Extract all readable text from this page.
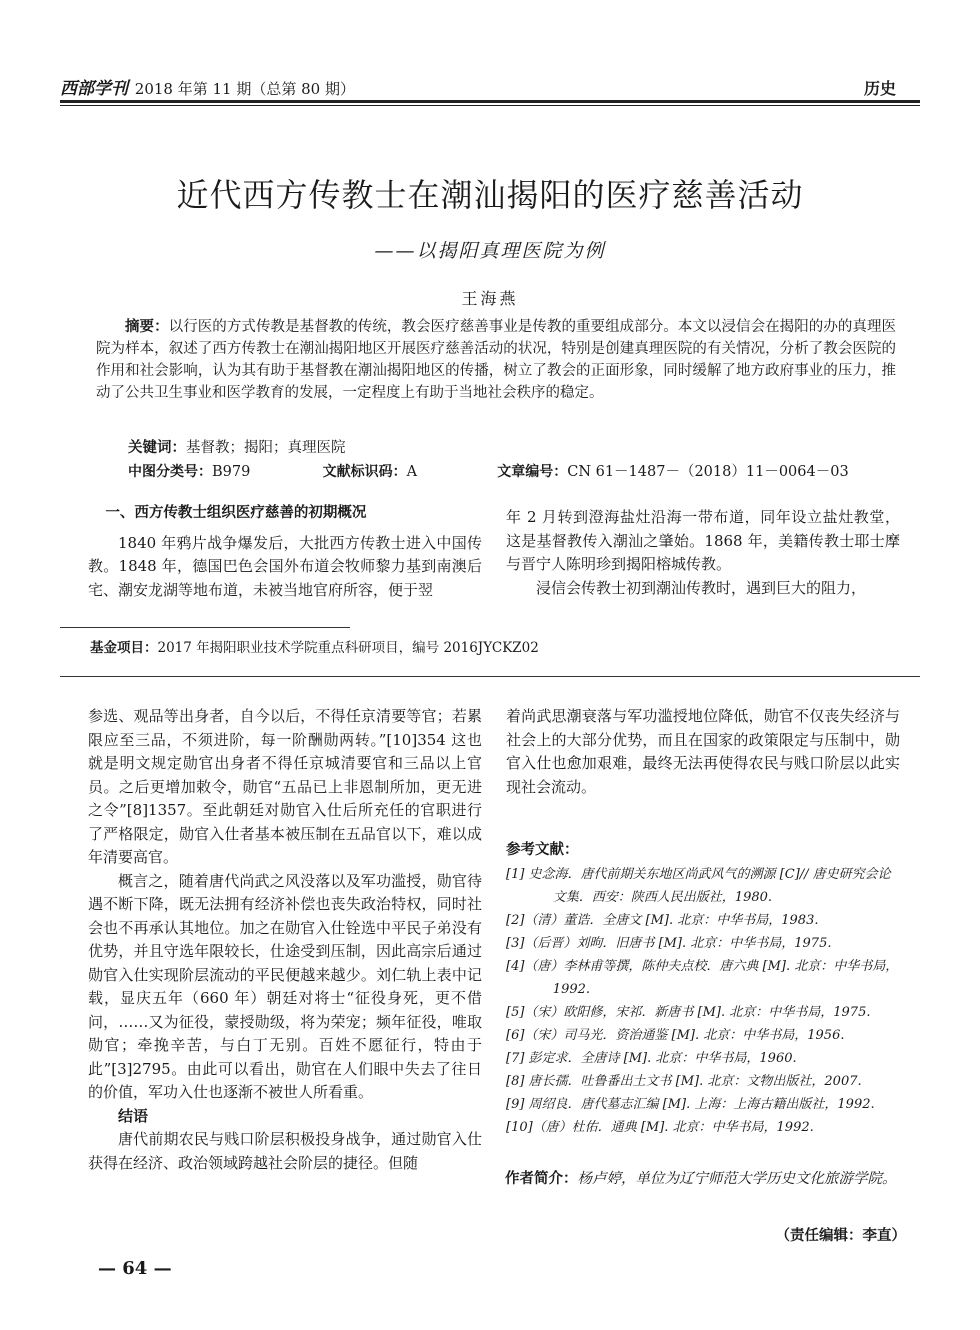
西部学刊 2018 年第 11 期（总第 80 期）	历史
近代西方传教士在潮汕揭阳的医疗慈善活动
——以揭阳真理医院为例
王海燕
摘要：以行医的方式传教是基督教的传统，教会医疗慈善事业是传教的重要组成部分。本文以浸信会在揭阳的办的真理医院为样本，叙述了西方传教士在潮汕揭阳地区开展医疗慈善活动的状况，特别是创建真理医院的有关情况，分析了教会医院的作用和社会影响，认为其有助于基督教在潮汕揭阳地区的传播，树立了教会的正面形象，同时缓解了地方政府事业的压力，推动了公共卫生事业和医学教育的发展，一定程度上有助于当地社会秩序的稳定。
关键词：基督教；揭阳；真理医院
中图分类号：B979	文献标识码：A	文章编号：CN 61－1487－（2018）11－0064－03
一、西方传教士组织医疗慈善的初期概况

1840 年鸦片战争爆发后，大批西方传教士进入中国传教。1848 年，德国巴色会国外布道会牧师黎力基到南澳后宅、潮安龙湖等地布道，未被当地官府所容，便于翌

年 2 月转到澄海盐灶沿海一带布道，同年设立盐灶教堂，这是基督教传入潮汕之肇始。1868 年，美籍传教士耶士摩与晋宁人陈明珍到揭阳榕城传教。

浸信会传教士初到潮汕传教时，遇到巨大的阻力，

基金项目：2017 年揭阳职业技术学院重点科研项目，编号 2016JYCKZ02

参选、观品等出身者，自今以后，不得任京清要等官；若累限应至三品，不须进阶，每一阶酬勋两转。”[10]354 这也就是明文规定勋官出身者不得任京城清要官和三品以上官员。之后更增加敕令，勋官“五品已上非恩制所加，更无进之令”[8]1357。至此朝廷对勋官入仕后所充任的官职进行了严格限定，勋官入仕者基本被压制在五品官以下，难以成年清要高官。

概言之，随着唐代尚武之风没落以及军功滥授，勋官待遇不断下降，既无法拥有经济补偿也丧失政治特权，同时社会也不再承认其地位。加之在勋官入仕铨选中平民子弟没有优势，并且守选年限较长，仕途受到压制，因此高宗后通过勋官入仕实现阶层流动的平民便越来越少。刘仁轨上表中记载，显庆五年（660 年）朝廷对将士“征役身死，更不借问，……又为征役，蒙授勋级，将为荣宠；频年征役，唯取勋官；牵挽辛苦，与白丁无别。百姓不愿征行，特由于此”[3]2795。由此可以看出，勋官在人们眼中失去了往日的价值，军功入仕也逐渐不被世人所看重。

结语

唐代前期农民与贱口阶层积极投身战争，通过勋官入仕获得在经济、政治领域跨越社会阶层的捷径。但随

着尚武思潮衰落与军功滥授地位降低，勋官不仅丧失经济与社会上的大部分优势，而且在国家的政策限定与压制中，勋官入仕也愈加艰难，最终无法再使得农民与贱口阶层以此实现社会流动。

参考文献：
[1] 史念海．唐代前期关东地区尚武风气的溯源 [C]// 唐史研究会论文集．西安：陕西人民出版社，1980.
[2]（清）董诰．全唐文 [M]. 北京：中华书局，1983.
[3]（后晋）刘昫．旧唐书 [M]. 北京：中华书局，1975.
[4]（唐）李林甫等撰，陈仲夫点校．唐六典 [M]. 北京：中华书局，1992.
[5]（宋）欧阳修，宋祁．新唐书 [M]. 北京：中华书局，1975.
[6]（宋）司马光．资治通鉴 [M]. 北京：中华书局，1956.
[7] 彭定求．全唐诗 [M]. 北京：中华书局，1960.
[8] 唐长孺．吐鲁番出土文书 [M]. 北京：文物出版社，2007.
[9] 周绍良．唐代墓志汇编 [M]. 上海：上海古籍出版社，1992.
[10]（唐）杜佑．通典 [M]. 北京：中华书局，1992.
作者简介：杨卢婷，单位为辽宁师范大学历史文化旅游学院。
（责任编辑：李直）
— 64 —
